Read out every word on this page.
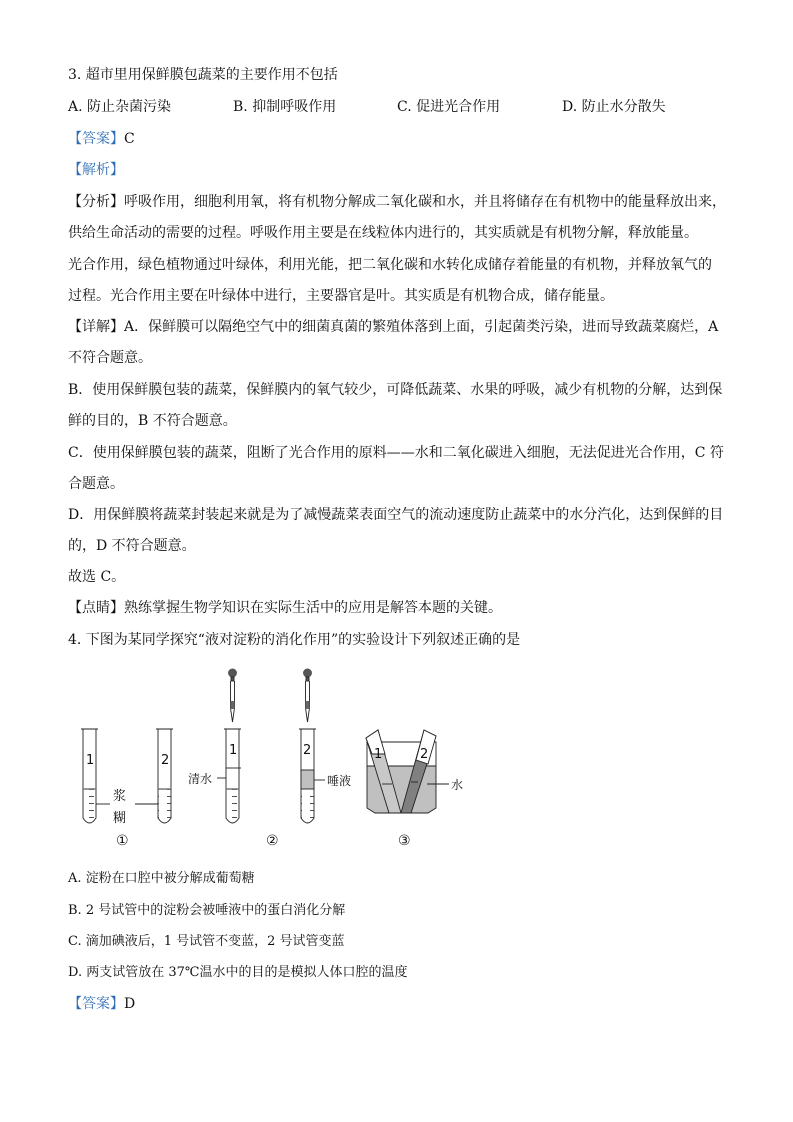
3. 超市里用保鲜膜包蔬菜的主要作用不包括
A. 防止杂菌污染	B. 抑制呼吸作用	C. 促进光合作用	D. 防止水分散失
【答案】C
【解析】
【分析】呼吸作用，细胞利用氧，将有机物分解成二氧化碳和水，并且将储存在有机物中的能量释放出来，
供给生命活动的需要的过程。呼吸作用主要是在线粒体内进行的，其实质就是有机物分解，释放能量。
光合作用，绿色植物通过叶绿体，利用光能，把二氧化碳和水转化成储存着能量的有机物，并释放氧气的
过程。光合作用主要在叶绿体中进行，主要器官是叶。其实质是有机物合成，储存能量。
【详解】A．保鲜膜可以隔绝空气中的细菌真菌的繁殖体落到上面，引起菌类污染，进而导致蔬菜腐烂，A
不符合题意。
B．使用保鲜膜包装的蔬菜，保鲜膜内的氧气较少，可降低蔬菜、水果的呼吸，减少有机物的分解，达到保
鲜的目的，B 不符合题意。
C．使用保鲜膜包装的蔬菜，阻断了光合作用的原料——水和二氧化碳进入细胞，无法促进光合作用，C 符
合题意。
D．用保鲜膜将蔬菜封装起来就是为了减慢蔬菜表面空气的流动速度防止蔬菜中的水分汽化，达到保鲜的目
的，D 不符合题意。
故选 C。
【点睛】熟练掌握生物学知识在实际生活中的应用是解答本题的关键。
4. 下图为某同学探究“液对淀粉的消化作用”的实验设计下列叙述正确的是
1	2
1	2	1	2
浆
糊
清水	唾液	水
①	②	③
A. 淀粉在口腔中被分解成葡萄糖
B. 2 号试管中的淀粉会被唾液中的蛋白消化分解
C. 滴加碘液后，1 号试管不变蓝，2 号试管变蓝
D. 两支试管放在 37℃温水中的目的是模拟人体口腔的温度
【答案】D
